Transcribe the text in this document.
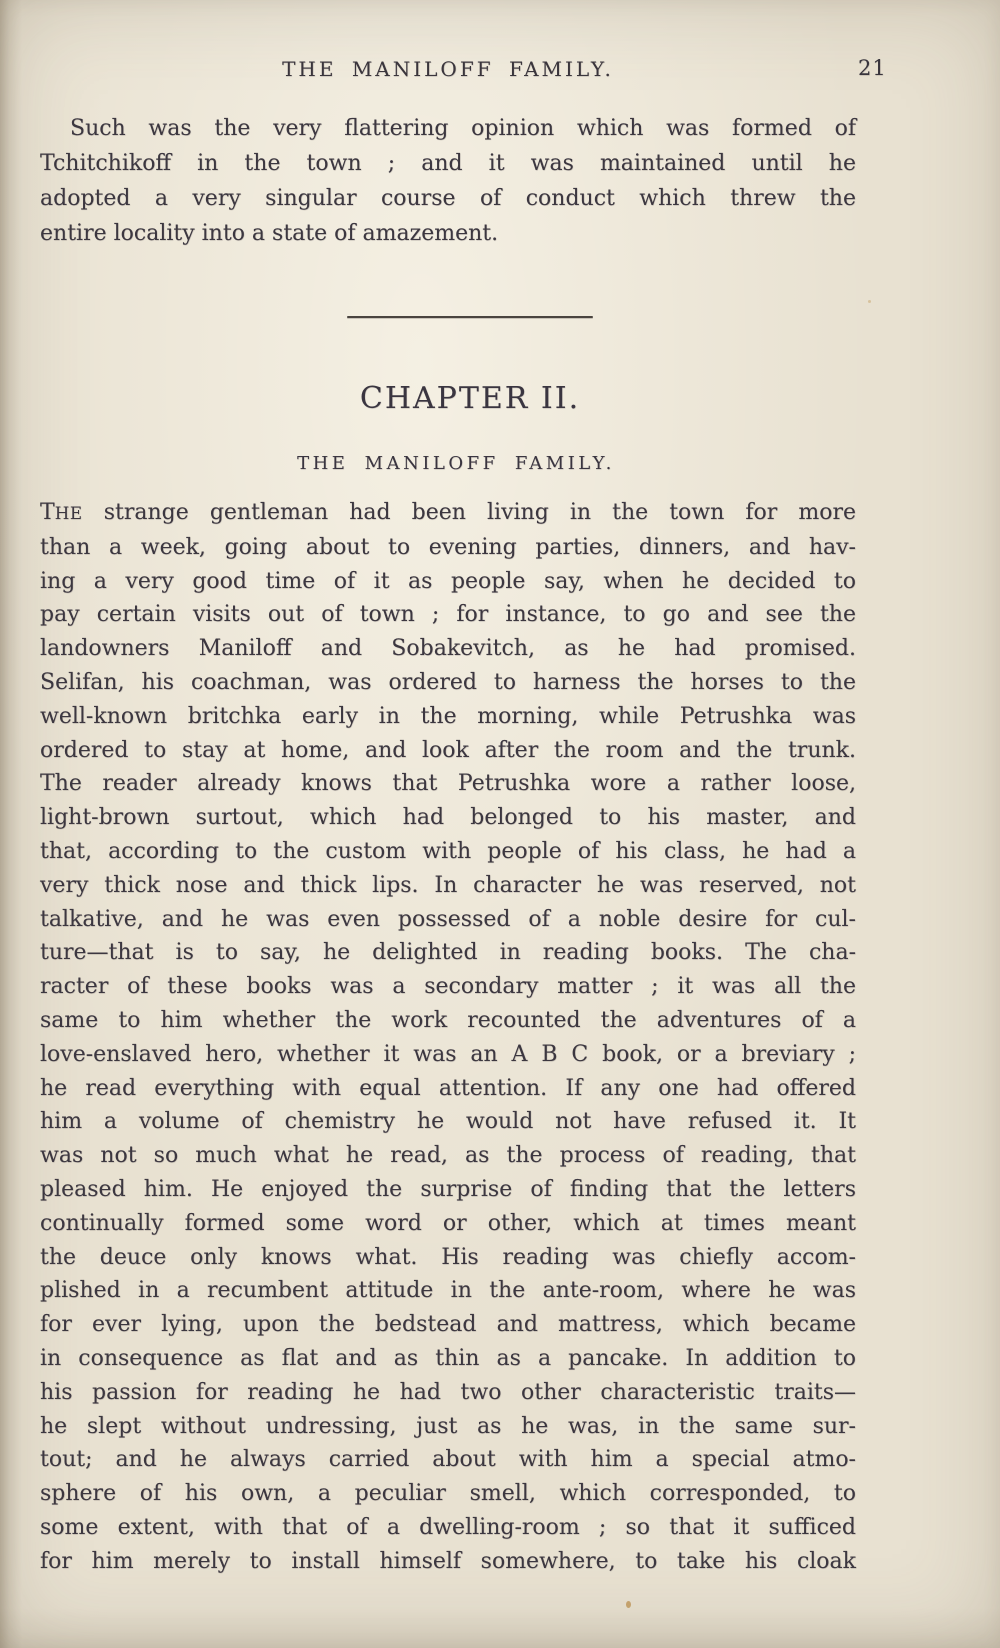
THE MANILOFF FAMILY.	21
Such was the very flattering opinion which was formed of
Tchitchikoff in the town ; and it was maintained until he
adopted a very singular course of conduct which threw the
entire locality into a state of amazement.
CHAPTER II.
THE MANILOFF FAMILY.
THE strange gentleman had been living in the town for more
than a week, going about to evening parties, dinners, and hav-
ing a very good time of it as people say, when he decided to
pay certain visits out of town ; for instance, to go and see the
landowners Maniloff and Sobakevitch, as he had promised.
Selifan, his coachman, was ordered to harness the horses to the
well-known britchka early in the morning, while Petrushka was
ordered to stay at home, and look after the room and the trunk.
The reader already knows that Petrushka wore a rather loose,
light-brown surtout, which had belonged to his master, and
that, according to the custom with people of his class, he had a
very thick nose and thick lips. In character he was reserved, not
talkative, and he was even possessed of a noble desire for cul-
ture—that is to say, he delighted in reading books. The cha-
racter of these books was a secondary matter ; it was all the
same to him whether the work recounted the adventures of a
love-enslaved hero, whether it was an A B C book, or a breviary ;
he read everything with equal attention. If any one had offered
him a volume of chemistry he would not have refused it. It
was not so much what he read, as the process of reading, that
pleased him. He enjoyed the surprise of finding that the letters
continually formed some word or other, which at times meant
the deuce only knows what. His reading was chiefly accom-
plished in a recumbent attitude in the ante-room, where he was
for ever lying, upon the bedstead and mattress, which became
in consequence as flat and as thin as a pancake. In addition to
his passion for reading he had two other characteristic traits—
he slept without undressing, just as he was, in the same sur-
tout; and he always carried about with him a special atmo-
sphere of his own, a peculiar smell, which corresponded, to
some extent, with that of a dwelling-room ; so that it sufficed
for him merely to install himself somewhere, to take his cloak
